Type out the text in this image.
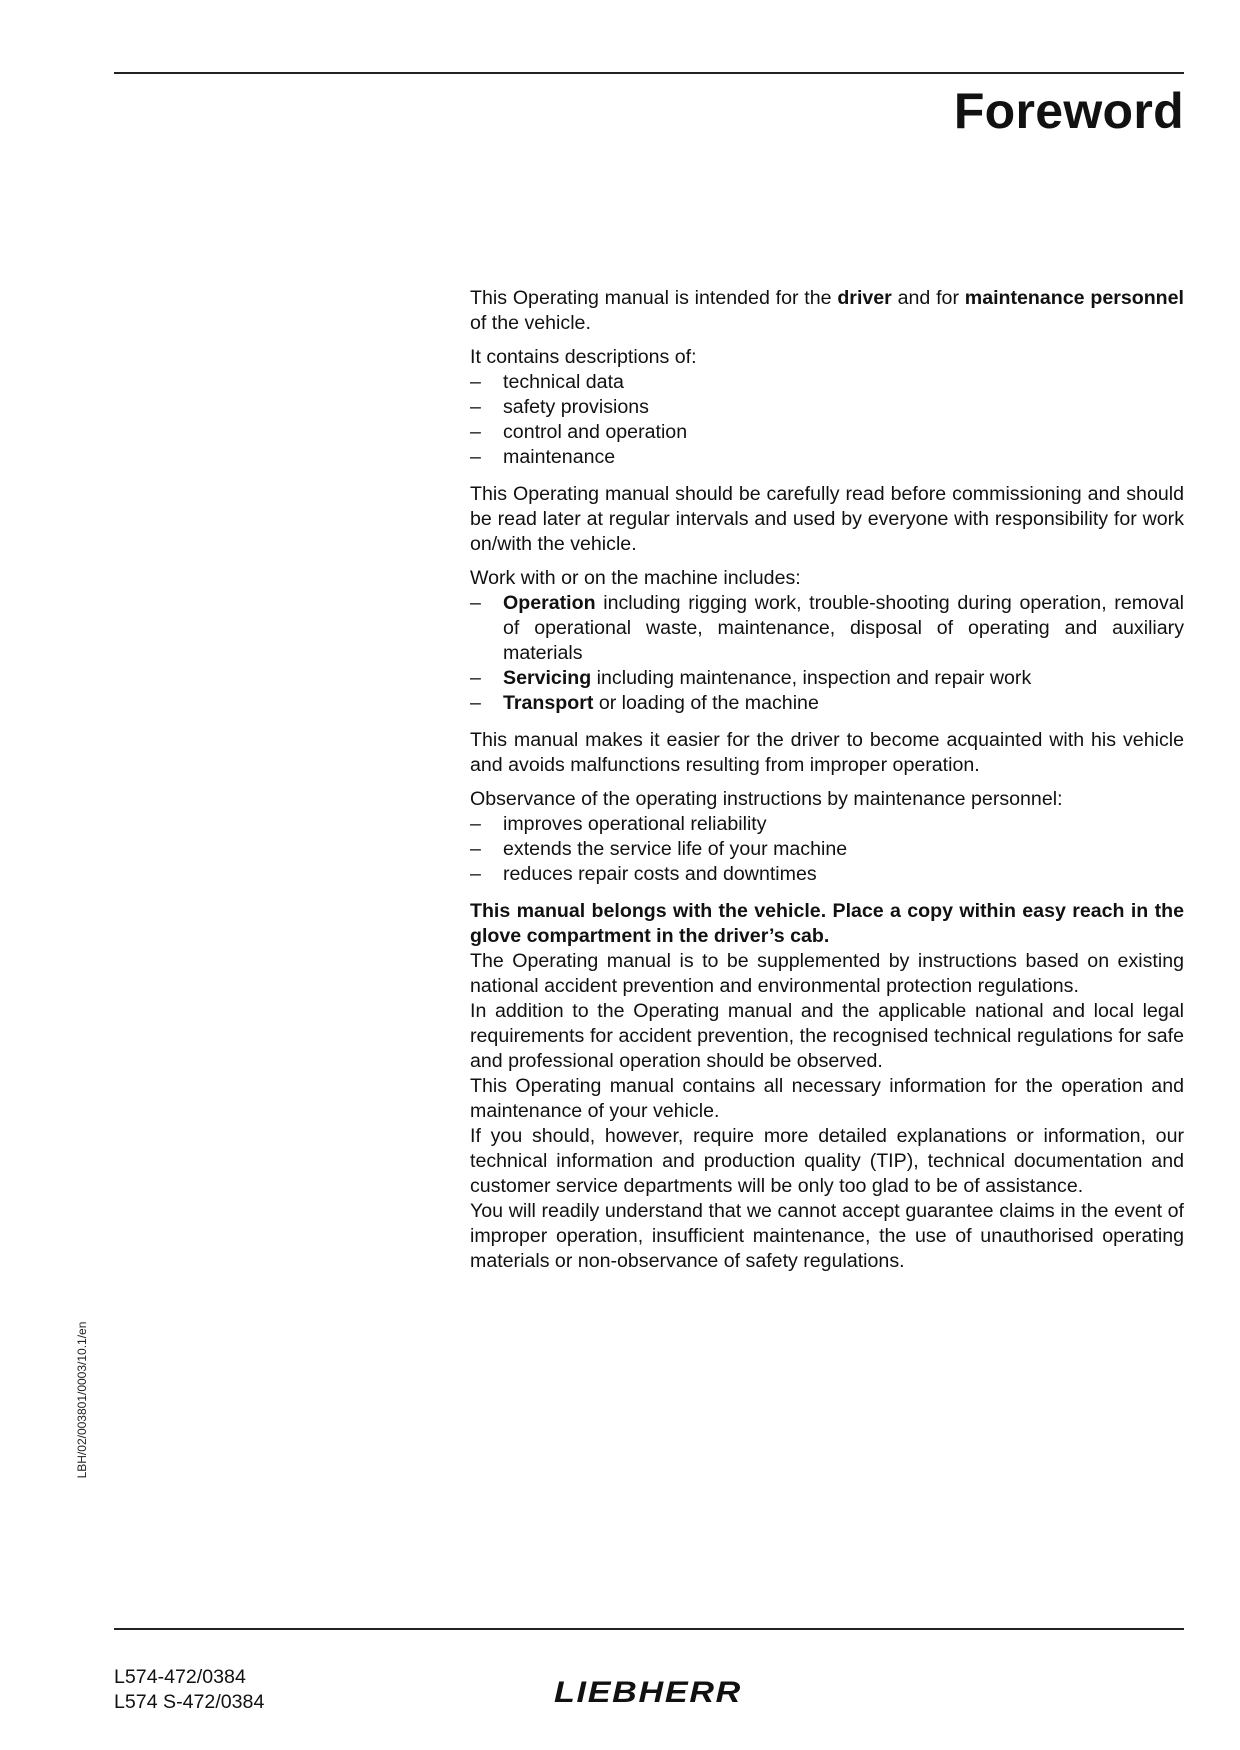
Foreword

This Operating manual is intended for the driver and for maintenance personnel of the vehicle.

It contains descriptions of:

– technical data
– safety provisions
– control and operation
– maintenance

This Operating manual should be carefully read before commissioning and should be read later at regular intervals and used by everyone with responsibility for work on/with the vehicle.

Work with or on the machine includes:

– Operation including rigging work, trouble-shooting during operation, removal of operational waste, maintenance, disposal of operating and auxiliary materials
– Servicing including maintenance, inspection and repair work
– Transport or loading of the machine

This manual makes it easier for the driver to become acquainted with his vehicle and avoids malfunctions resulting from improper operation.

Observance of the operating instructions by maintenance personnel:

– improves operational reliability
– extends the service life of your machine
– reduces repair costs and downtimes

This manual belongs with the vehicle. Place a copy within easy reach in the glove compartment in the driver’s cab.

The Operating manual is to be supplemented by instructions based on existing national accident prevention and environmental protection regulations.

In addition to the Operating manual and the applicable national and local legal requirements for accident prevention, the recognised technical regulations for safe and professional operation should be observed.

This Operating manual contains all necessary information for the operation and maintenance of your vehicle.

If you should, however, require more detailed explanations or information, our technical information and production quality (TIP), technical documentation and customer service departments will be only too glad to be of assistance.

You will readily understand that we cannot accept guarantee claims in the event of improper operation, insufficient maintenance, the use of unauthorised operating materials or non-observance of safety regulations.

LBH/02/003801/0003/10.1/en
L574-472/0384
L574 S-472/0384	LIEBHERR
